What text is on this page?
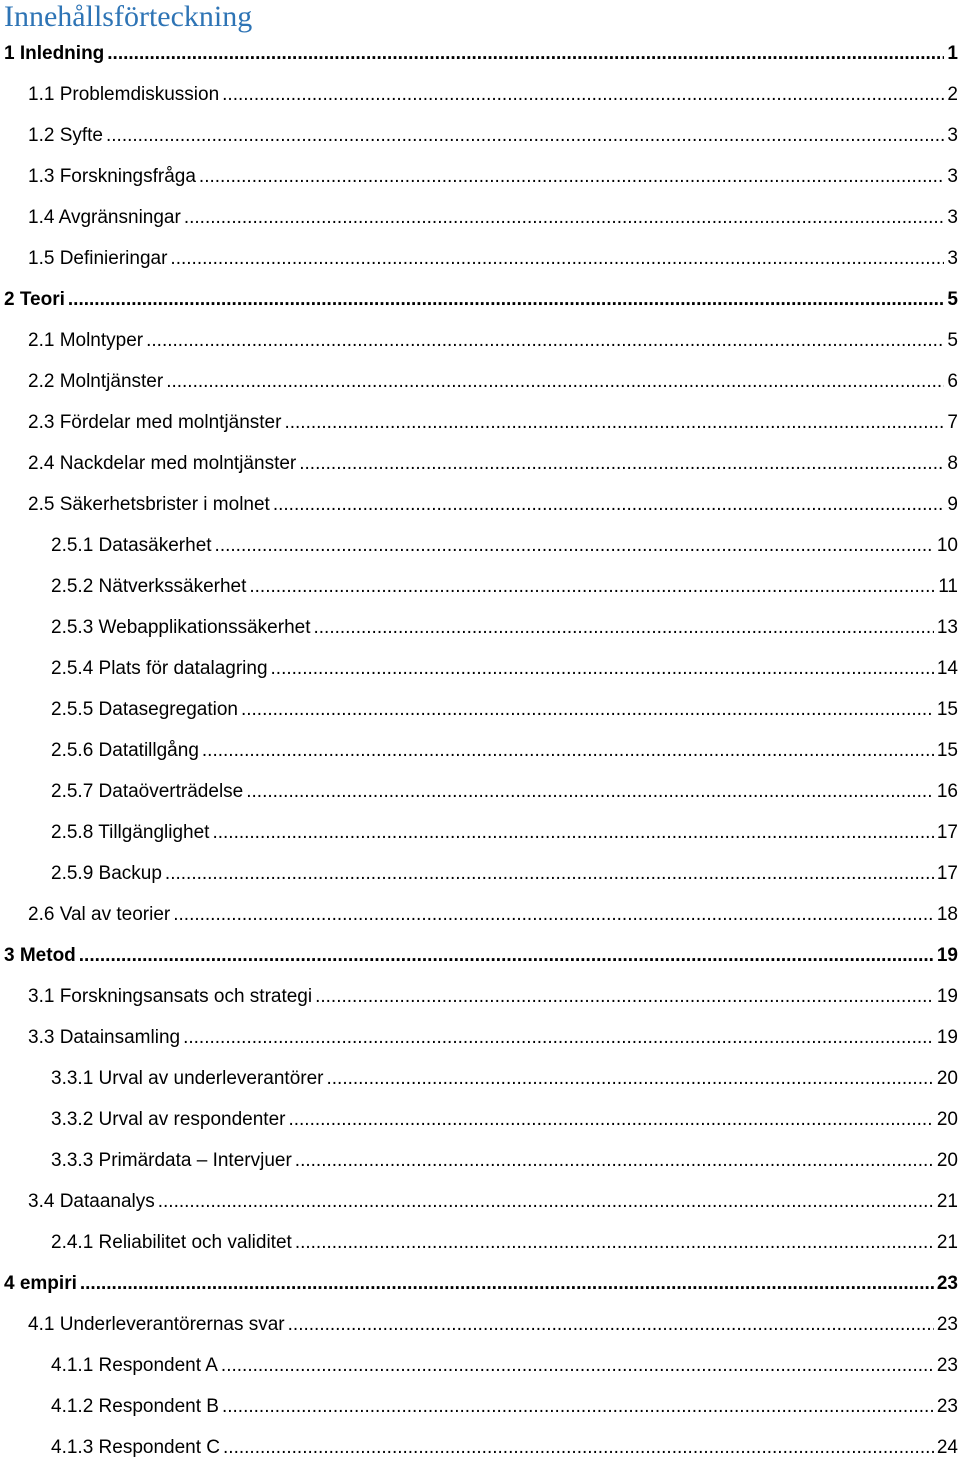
Innehållsförteckning
1 Inledning .....	1
1.1 Problemdiskussion .....	2
1.2 Syfte .....	3
1.3 Forskningsfråga .....	3
1.4 Avgränsningar .....	3
1.5 Definieringar .....	3
2 Teori .....	5
2.1 Molntyper .....	5
2.2 Molntjänster .....	6
2.3 Fördelar med molntjänster .....	7
2.4 Nackdelar med molntjänster .....	8
2.5 Säkerhetsbrister i molnet .....	9
2.5.1 Datasäkerhet .....	10
2.5.2 Nätverkssäkerhet .....	11
2.5.3 Webapplikationssäkerhet .....	13
2.5.4 Plats för datalagring .....	14
2.5.5 Datasegregation .....	15
2.5.6 Datatillgång .....	15
2.5.7 Dataöverträdelse .....	16
2.5.8 Tillgänglighet .....	17
2.5.9 Backup .....	17
2.6 Val av teorier .....	18
3 Metod .....	19
3.1 Forskningsansats och strategi .....	19
3.3 Datainsamling .....	19
3.3.1 Urval av underleverantörer .....	20
3.3.2 Urval av respondenter .....	20
3.3.3 Primärdata – Intervjuer .....	20
3.4 Dataanalys .....	21
2.4.1 Reliabilitet och validitet .....	21
4 empiri .....	23
4.1 Underleverantörernas svar .....	23
4.1.1 Respondent A .....	23
4.1.2 Respondent B .....	23
4.1.3 Respondent C .....	24
